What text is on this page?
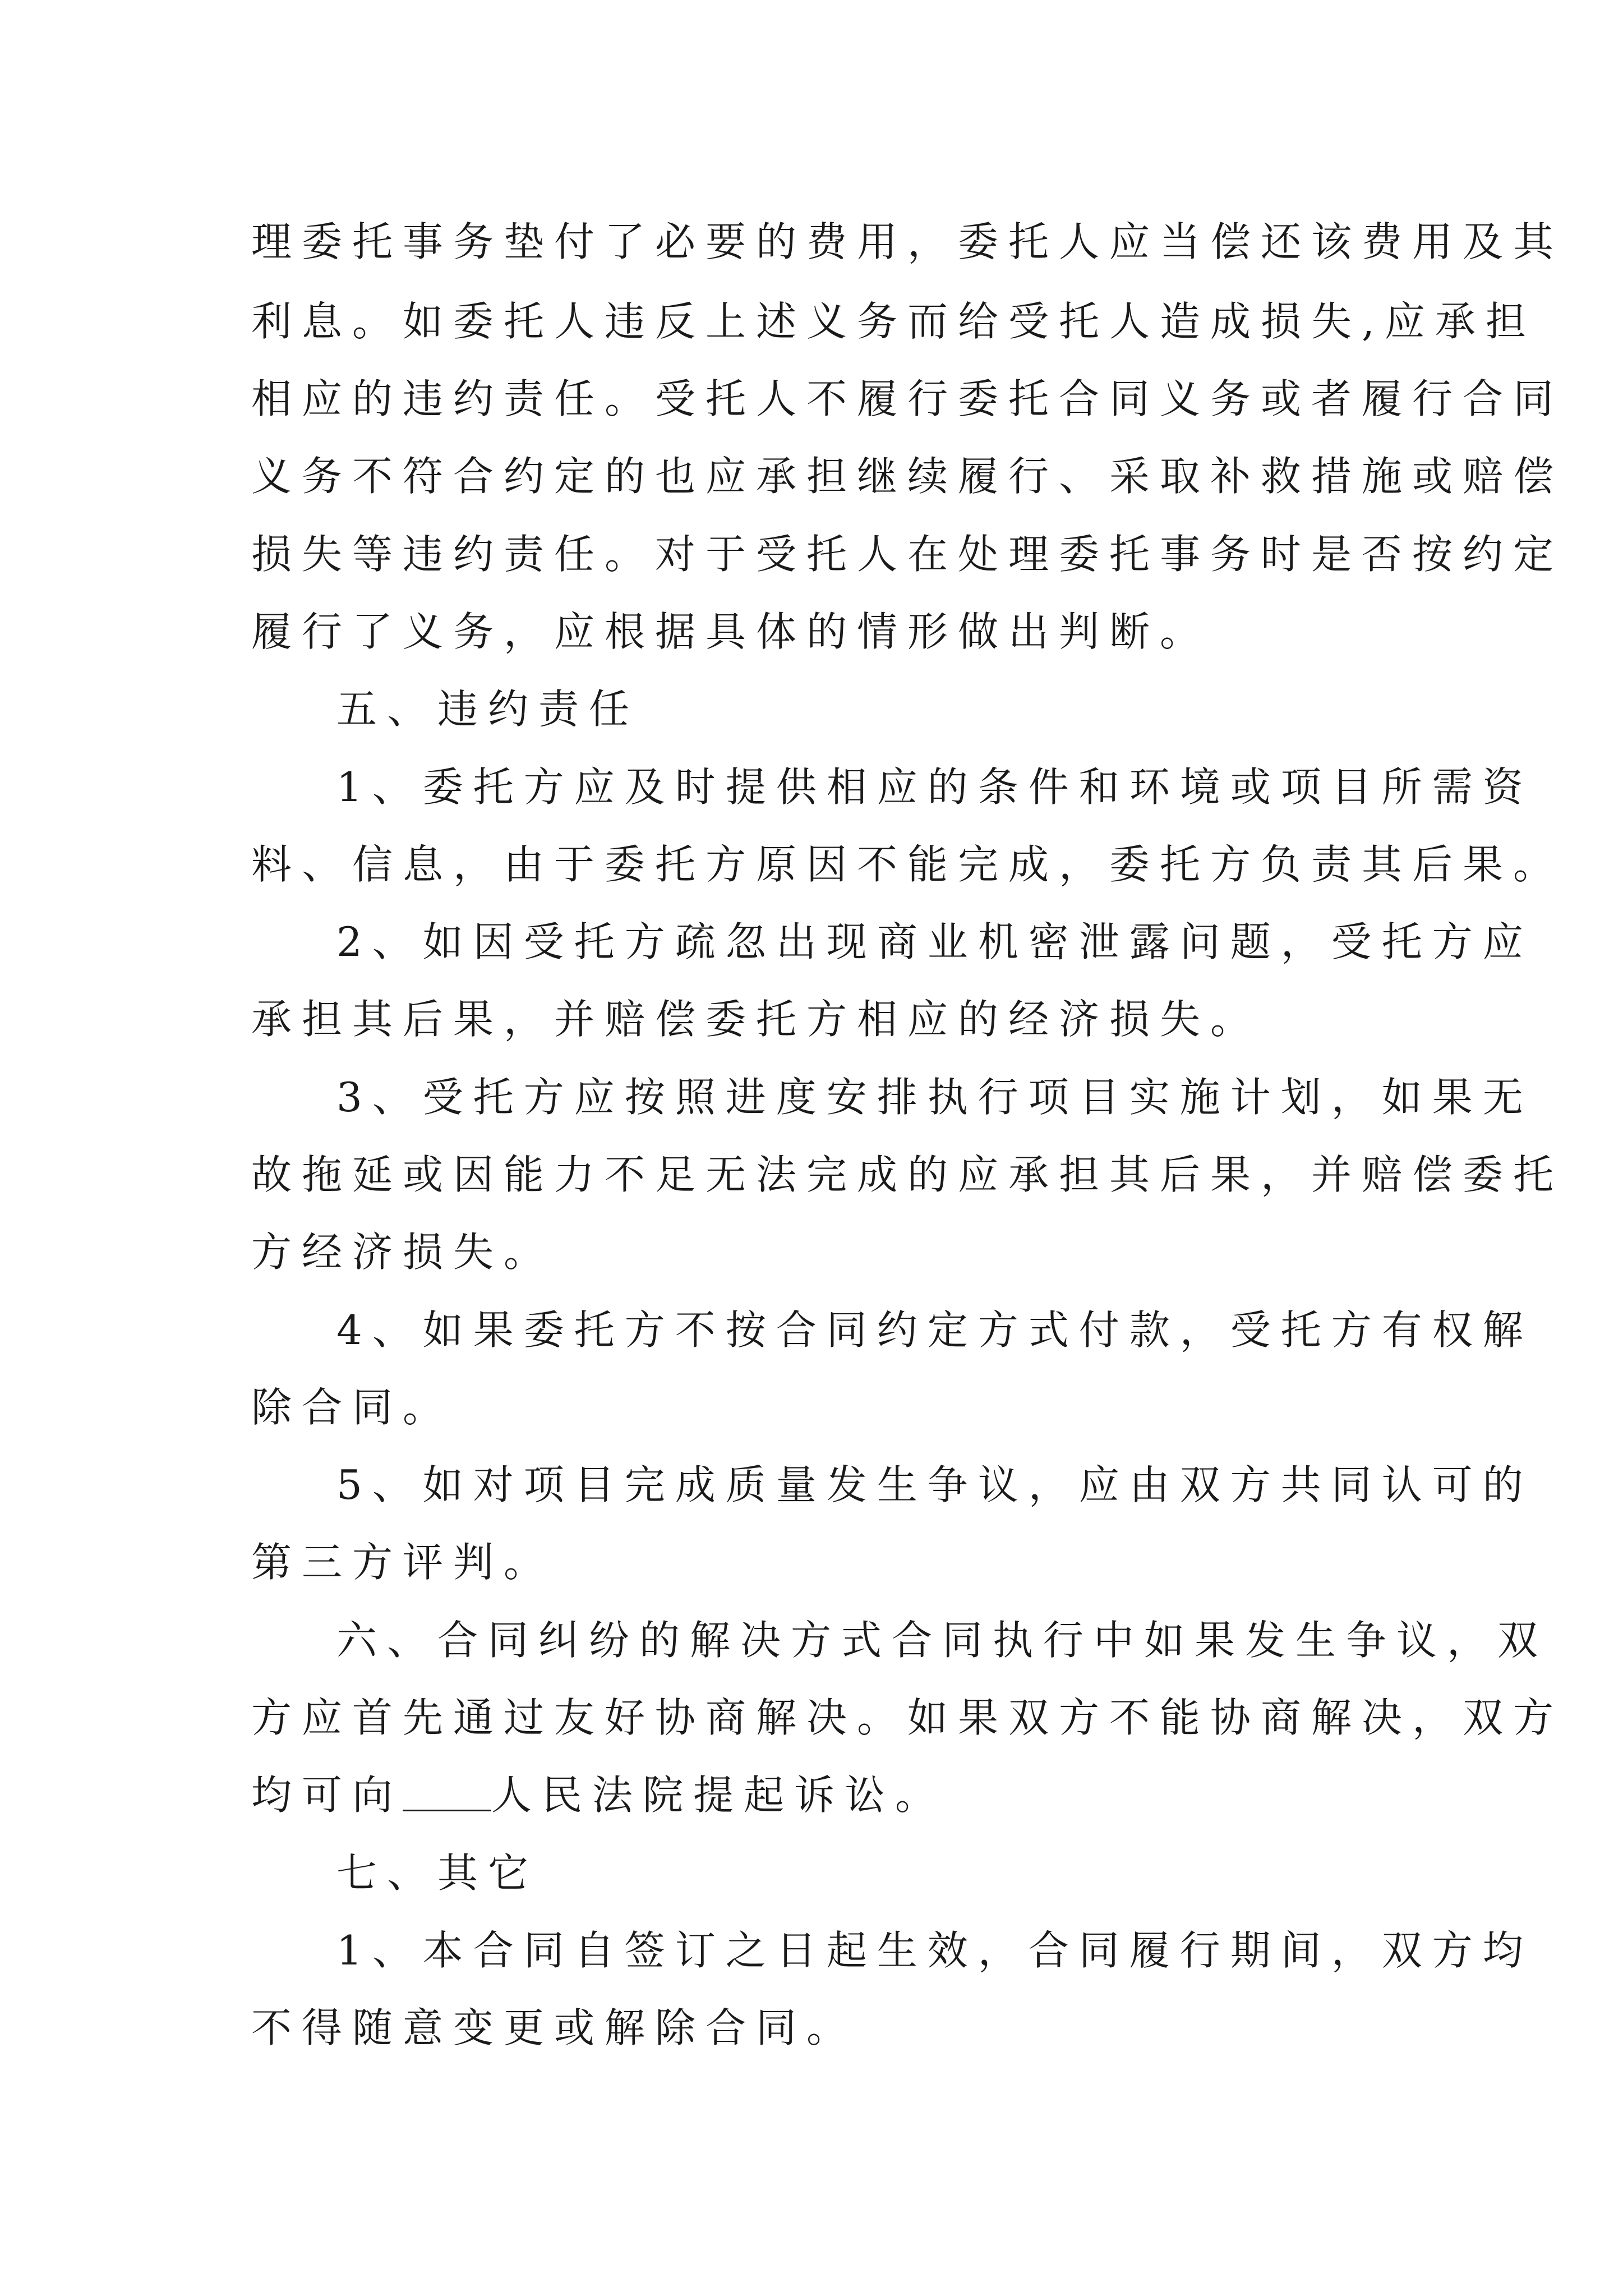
理委托事务垫付了必要的费用，委托人应当偿还该费用及其

利息。如委托人违反上述义务而给受托人造成损失,应承担

相应的违约责任。受托人不履行委托合同义务或者履行合同

义务不符合约定的也应承担继续履行、采取补救措施或赔偿

损失等违约责任。对于受托人在处理委托事务时是否按约定

履行了义务，应根据具体的情形做出判断。

五、违约责任

1、委托方应及时提供相应的条件和环境或项目所需资

料、信息，由于委托方原因不能完成，委托方负责其后果。

2、如因受托方疏忽出现商业机密泄露问题，受托方应

承担其后果，并赔偿委托方相应的经济损失。

3、受托方应按照进度安排执行项目实施计划，如果无

故拖延或因能力不足无法完成的应承担其后果，并赔偿委托

方经济损失。

4、如果委托方不按合同约定方式付款，受托方有权解

除合同。

5、如对项目完成质量发生争议，应由双方共同认可的

第三方评判。

六、合同纠纷的解决方式合同执行中如果发生争议，双

方应首先通过友好协商解决。如果双方不能协商解决，双方

均可向 人民法院提起诉讼。

七、其它

1、本合同自签订之日起生效，合同履行期间，双方均

不得随意变更或解除合同。
